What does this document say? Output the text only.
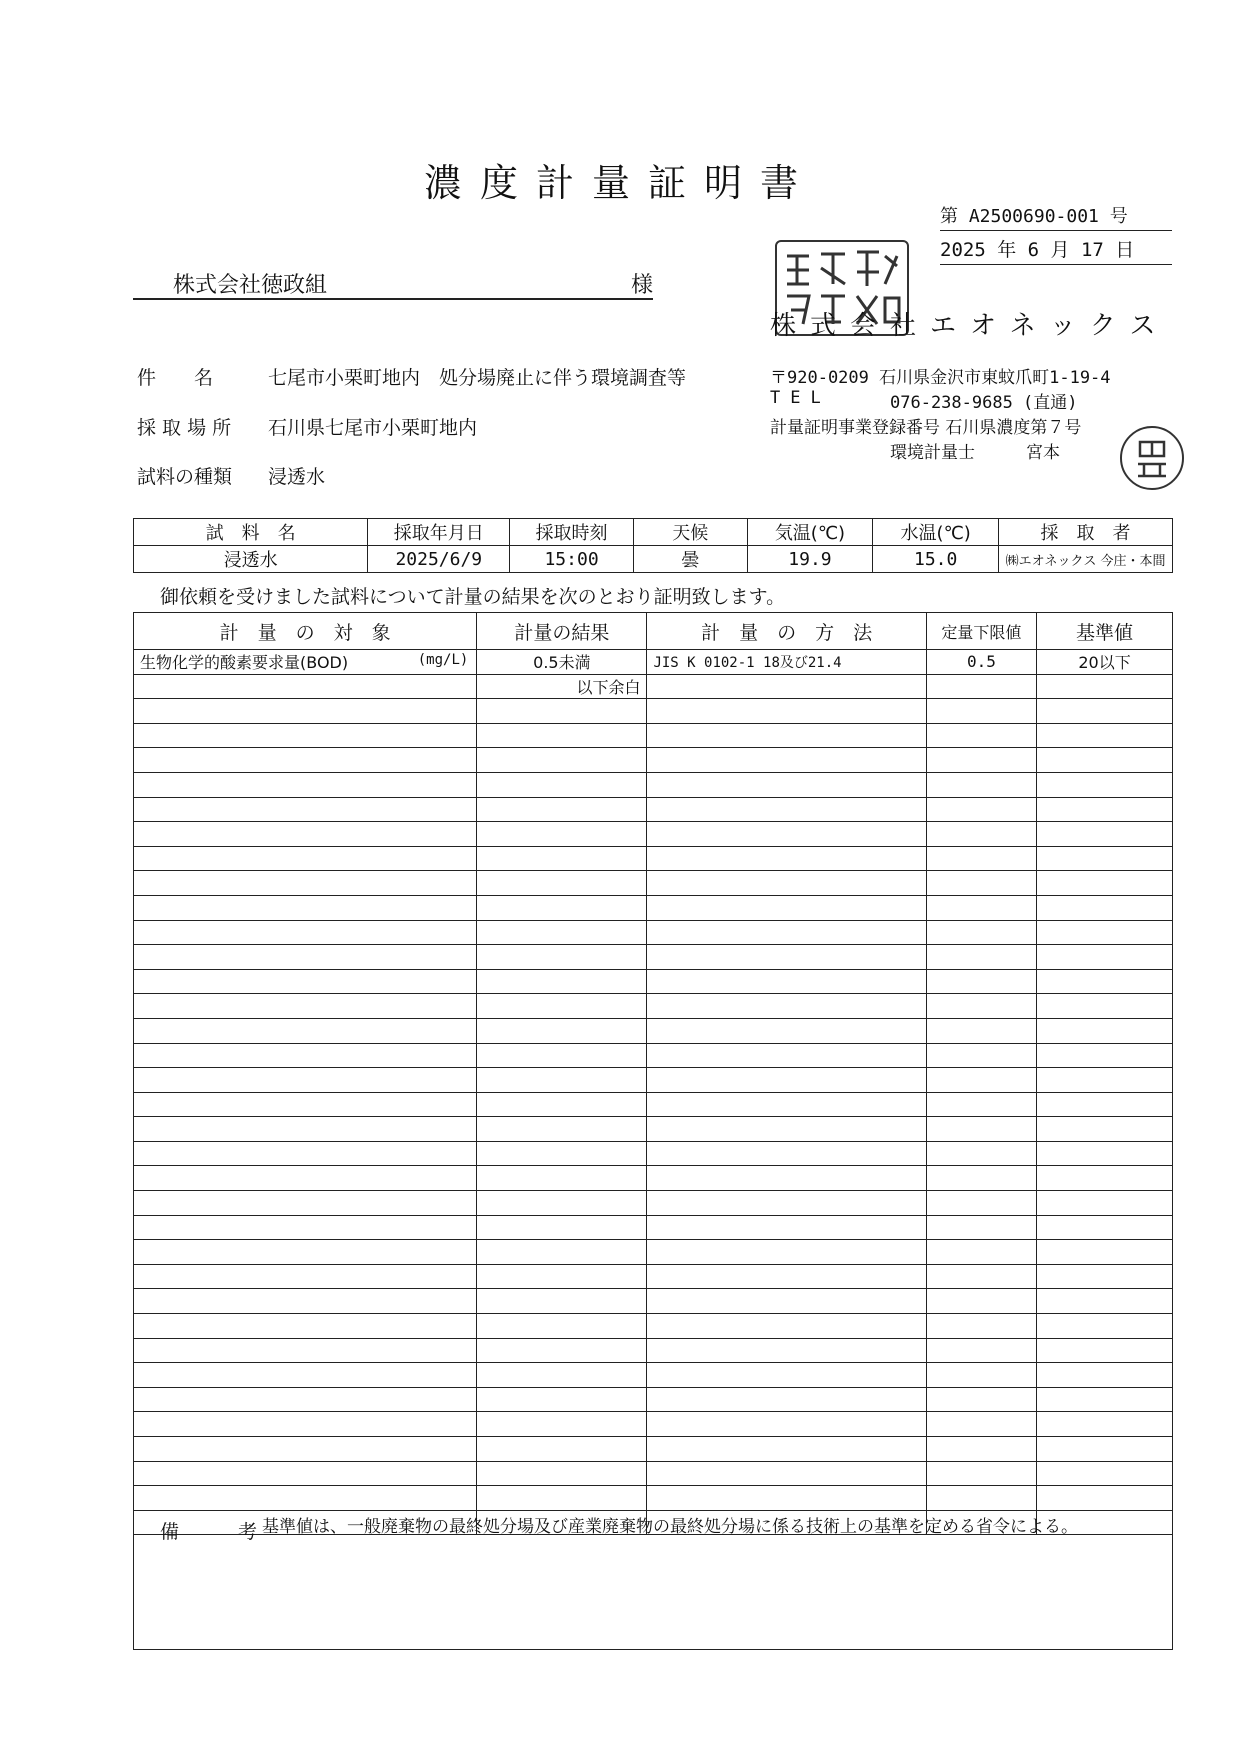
濃度計量証明書
第 A2500690-001 号
2025 年 6 月 17 日
株式会社徳政組	様
株式会社エオネックス
件　　名	七尾市小栗町地内　処分場廃止に伴う環境調査等	〒920-0209 石川県金沢市東蚊爪町1-19-4
TEL	076-238-9685 (直通)
採 取 場 所 石川県七尾市小栗町地内	計量証明事業登録番号 石川県濃度第７号
環境計量士　　　宮本
試料の種類 浸透水
試　料　名	採取年月日	採取時刻	天候	気温(℃)	水温(℃)	採　取　者
浸透水	2025/6/9	15:00	曇	19.9	15.0	㈱エオネックス 今庄・本間
御依頼を受けました試料について計量の結果を次のとおり証明致します。
計　量　の　対　象	計量の結果	計　量　の　方　法	定量下限値	基準値
生物化学的酸素要求量(BOD) (mg/L)	0.5未満	JIS K 0102-1 18及び21.4	0.5	20以下
	以下余白			

備　考
基準値は、一般廃棄物の最終処分場及び産業廃棄物の最終処分場に係る技術上の基準を定める省令による。
